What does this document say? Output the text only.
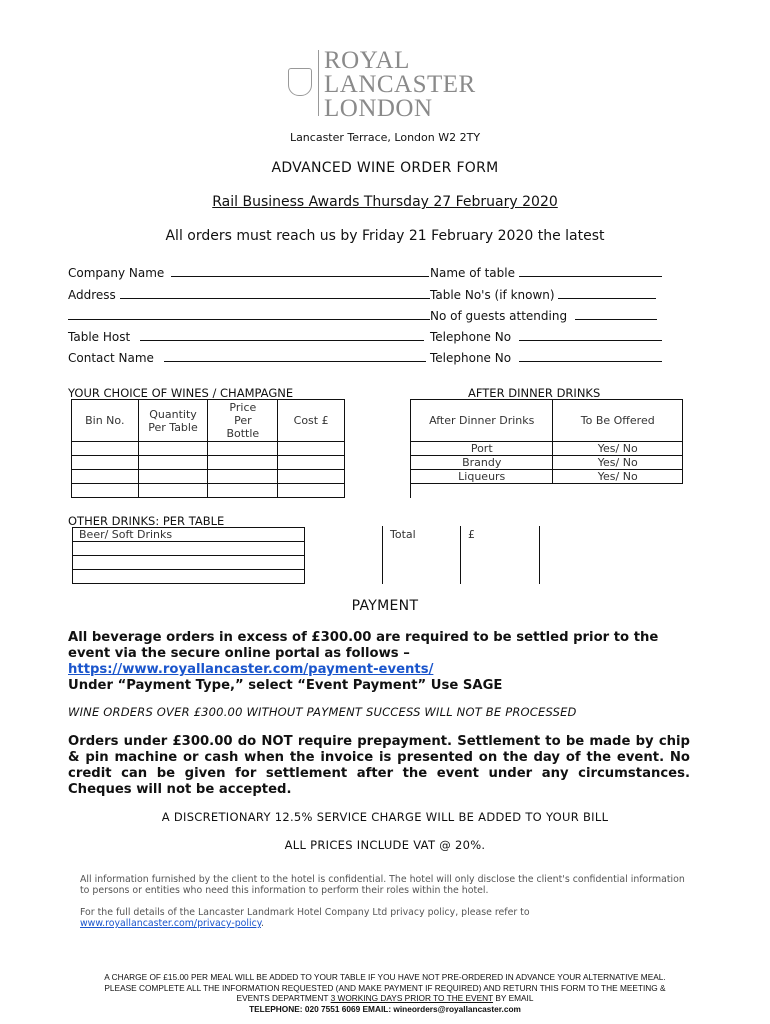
ROYAL
LANCASTER
LONDON
Lancaster Terrace, London W2 2TY
ADVANCED WINE ORDER FORM
Rail Business Awards Thursday 27 February 2020
All orders must reach us by Friday 21 February 2020 the latest
Company Name	Name of table
Address	Table No's (if known)
No of guests attending
Table Host	Telephone No
Contact Name	Telephone No
YOUR CHOICE OF WINES / CHAMPAGNE
Bin No.	Quantity Per Table	Price Per Bottle	Cost £

AFTER DINNER DRINKS
After Dinner Drinks	To Be Offered
Port	Yes/ No
Brandy	Yes/ No
Liqueurs	Yes/ No
OTHER DRINKS: PER TABLE
Beer/ Soft Drinks	Total	£
PAYMENT
All beverage orders in excess of £300.00 are required to be settled prior to the event via the secure online portal as follows – https://www.royallancaster.com/payment-events/
Under “Payment Type,” select “Event Payment” Use SAGE
WINE ORDERS OVER £300.00 WITHOUT PAYMENT SUCCESS WILL NOT BE PROCESSED
Orders under £300.00 do NOT require prepayment. Settlement to be made by chip & pin machine or cash when the invoice is presented on the day of the event. No credit can be given for settlement after the event under any circumstances. Cheques will not be accepted.
A DISCRETIONARY 12.5% SERVICE CHARGE WILL BE ADDED TO YOUR BILL
ALL PRICES INCLUDE VAT @ 20%.
All information furnished by the client to the hotel is confidential. The hotel will only disclose the client's confidential information to persons or entities who need this information to perform their roles within the hotel.
For the full details of the Lancaster Landmark Hotel Company Ltd privacy policy, please refer to
www.royallancaster.com/privacy-policy.
A CHARGE OF £15.00 PER MEAL WILL BE ADDED TO YOUR TABLE IF YOU HAVE NOT PRE-ORDERED IN ADVANCE YOUR ALTERNATIVE MEAL.
PLEASE COMPLETE ALL THE INFORMATION REQUESTED (AND MAKE PAYMENT IF REQUIRED) AND RETURN THIS FORM TO THE MEETING &
EVENTS DEPARTMENT 3 WORKING DAYS PRIOR TO THE EVENT BY EMAIL
TELEPHONE: 020 7551 6069 EMAIL: wineorders@royallancaster.com
